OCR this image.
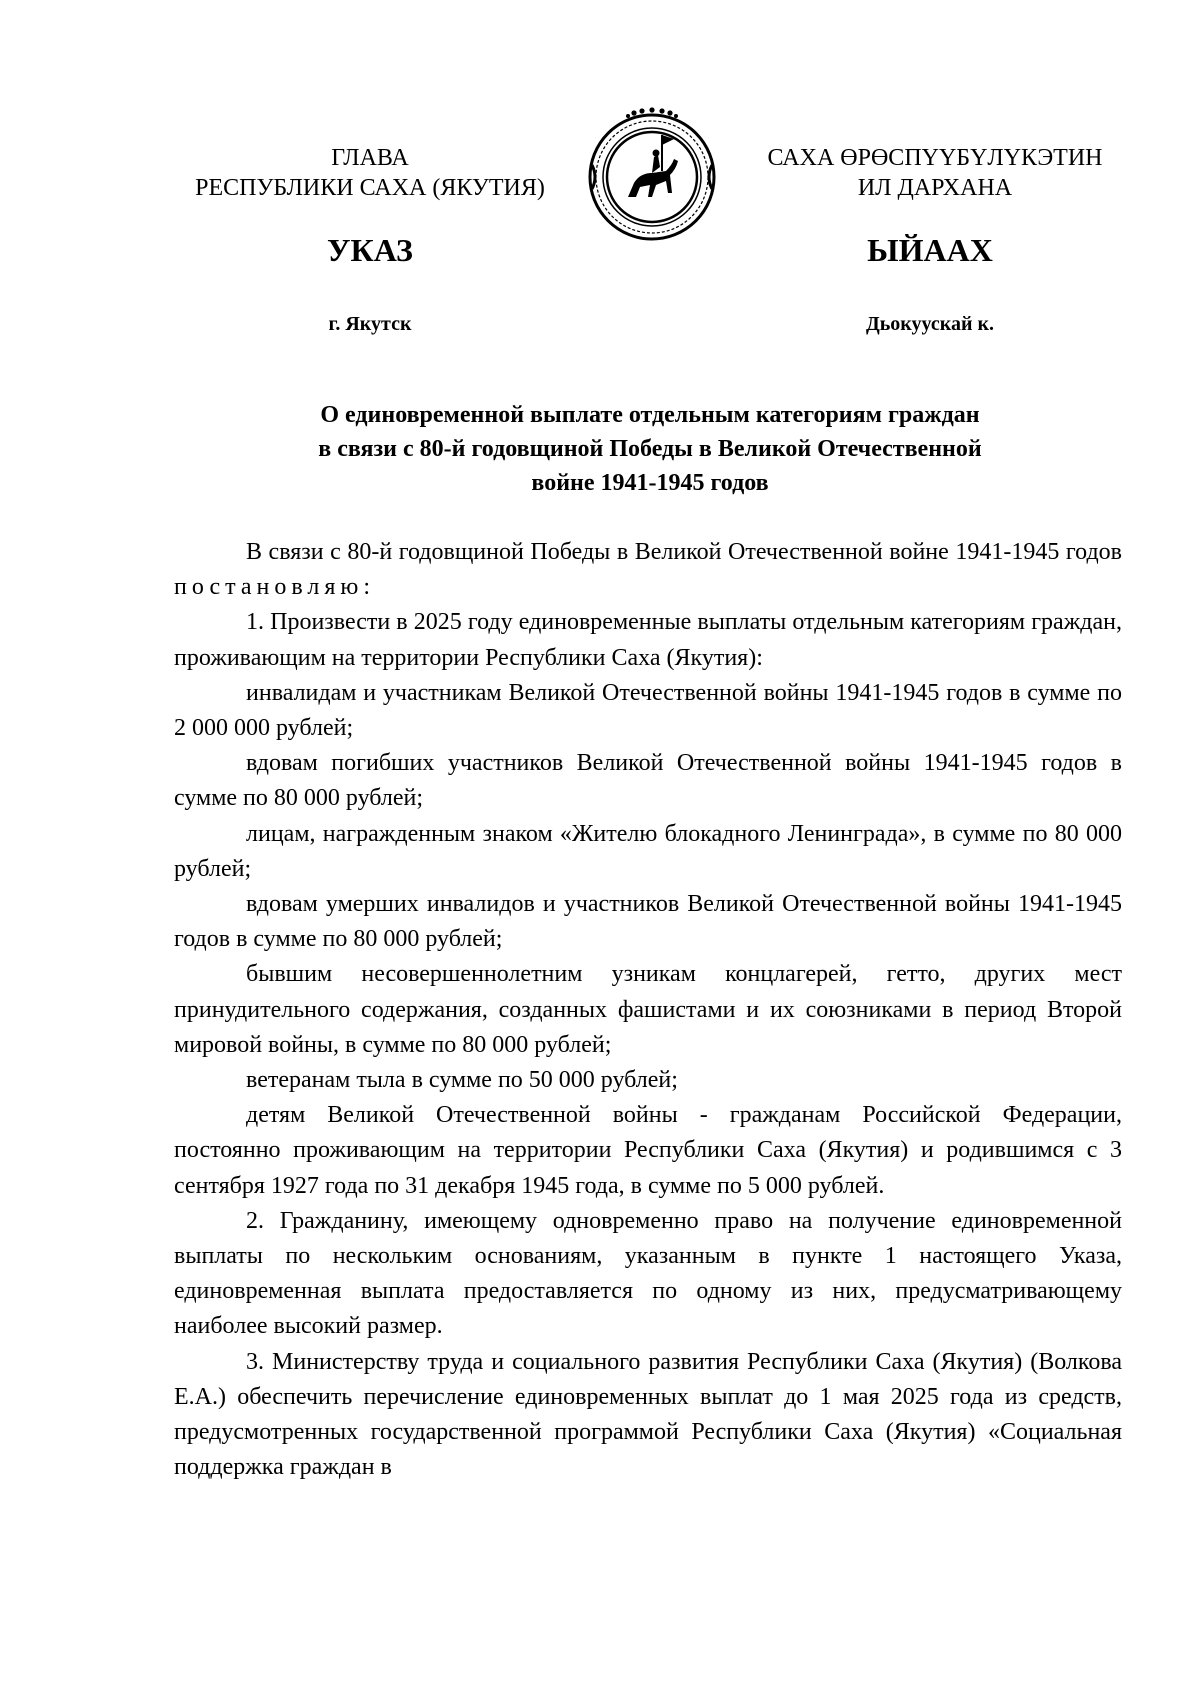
ГЛАВА
РЕСПУБЛИКИ САХА (ЯКУТИЯ)
САХА ӨРӨСПҮҮБҮЛҮКЭТИН
ИЛ ДАРХАНА
УКАЗ	ЫЙААХ
г. Якутск	Дьокуускай к.
О единовременной выплате отдельным категориям граждан
в связи с 80-й годовщиной Победы в Великой Отечественной
войне 1941-1945 годов

В связи с 80-й годовщиной Победы в Великой Отечественной войне 1941-1945 годов постановляю:

1. Произвести в 2025 году единовременные выплаты отдельным категориям граждан, проживающим на территории Республики Саха (Якутия):

инвалидам и участникам Великой Отечественной войны 1941-1945 годов в сумме по 2 000 000 рублей;

вдовам погибших участников Великой Отечественной войны 1941-1945 годов в сумме по 80 000 рублей;

лицам, награжденным знаком «Жителю блокадного Ленинграда», в сумме по 80 000 рублей;

вдовам умерших инвалидов и участников Великой Отечественной войны 1941-1945 годов в сумме по 80 000 рублей;

бывшим несовершеннолетним узникам концлагерей, гетто, других мест принудительного содержания, созданных фашистами и их союзниками в период Второй мировой войны, в сумме по 80 000 рублей;

ветеранам тыла в сумме по 50 000 рублей;

детям Великой Отечественной войны - гражданам Российской Федерации, постоянно проживающим на территории Республики Саха (Якутия) и родившимся с 3 сентября 1927 года по 31 декабря 1945 года, в сумме по 5 000 рублей.

2. Гражданину, имеющему одновременно право на получение единовременной выплаты по нескольким основаниям, указанным в пункте 1 настоящего Указа, единовременная выплата предоставляется по одному из них, предусматривающему наиболее высокий размер.

3. Министерству труда и социального развития Республики Саха (Якутия) (Волкова Е.А.) обеспечить перечисление единовременных выплат до 1 мая 2025 года из средств, предусмотренных государственной программой Республики Саха (Якутия) «Социальная поддержка граждан в
